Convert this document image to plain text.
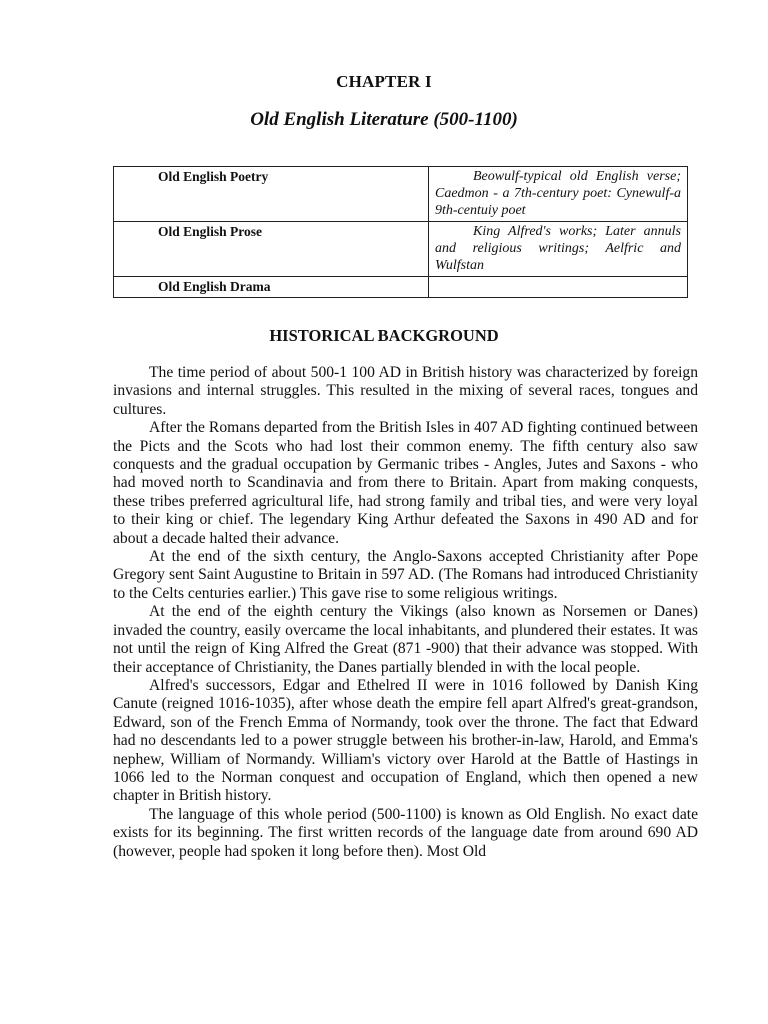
CHAPTER I
Old English Literature (500-1100)
Old English Poetry	Beowulf-typical old English verse; Caedmon - a 7th-century poet: Cynewulf-a 9th-centuiy poet
Old English Prose	King Alfred's works; Later annuls and religious writings; Aelfric and Wulfstan
Old English Drama	
HISTORICAL BACKGROUND

The time period of about 500-1 100 AD in British history was characterized by foreign invasions and internal struggles. This resulted in the mixing of several races, tongues and cultures.

After the Romans departed from the British Isles in 407 AD fighting continued between the Picts and the Scots who had lost their common enemy. The fifth century also saw conquests and the gradual occupation by Germanic tribes - Angles, Jutes and Saxons - who had moved north to Scandinavia and from there to Britain. Apart from making conquests, these tribes preferred agricultural life, had strong family and tribal ties, and were very loyal to their king or chief. The legendary King Arthur defeated the Saxons in 490 AD and for about a decade halted their advance.

At the end of the sixth century, the Anglo-Saxons accepted Christianity after Pope Gregory sent Saint Augustine to Britain in 597 AD. (The Romans had introduced Christianity to the Celts centuries earlier.) This gave rise to some religious writings.

At the end of the eighth century the Vikings (also known as Norsemen or Danes) invaded the country, easily overcame the local inhabitants, and plundered their estates. It was not until the reign of King Alfred the Great (871 -900) that their advance was stopped. With their acceptance of Christianity, the Danes partially blended in with the local people.

Alfred's successors, Edgar and Ethelred II were in 1016 followed by Danish King Canute (reigned 1016-1035), after whose death the empire fell apart Alfred's great-grandson, Edward, son of the French Emma of Normandy, took over the throne. The fact that Edward had no descendants led to a power struggle between his brother-in-law, Harold, and Emma's nephew, William of Normandy. William's victory over Harold at the Battle of Hastings in 1066 led to the Norman conquest and occupation of England, which then opened a new chapter in British history.

The language of this whole period (500-1100) is known as Old English. No exact date exists for its beginning. The first written records of the language date from around 690 AD (however, people had spoken it long before then). Most Old
